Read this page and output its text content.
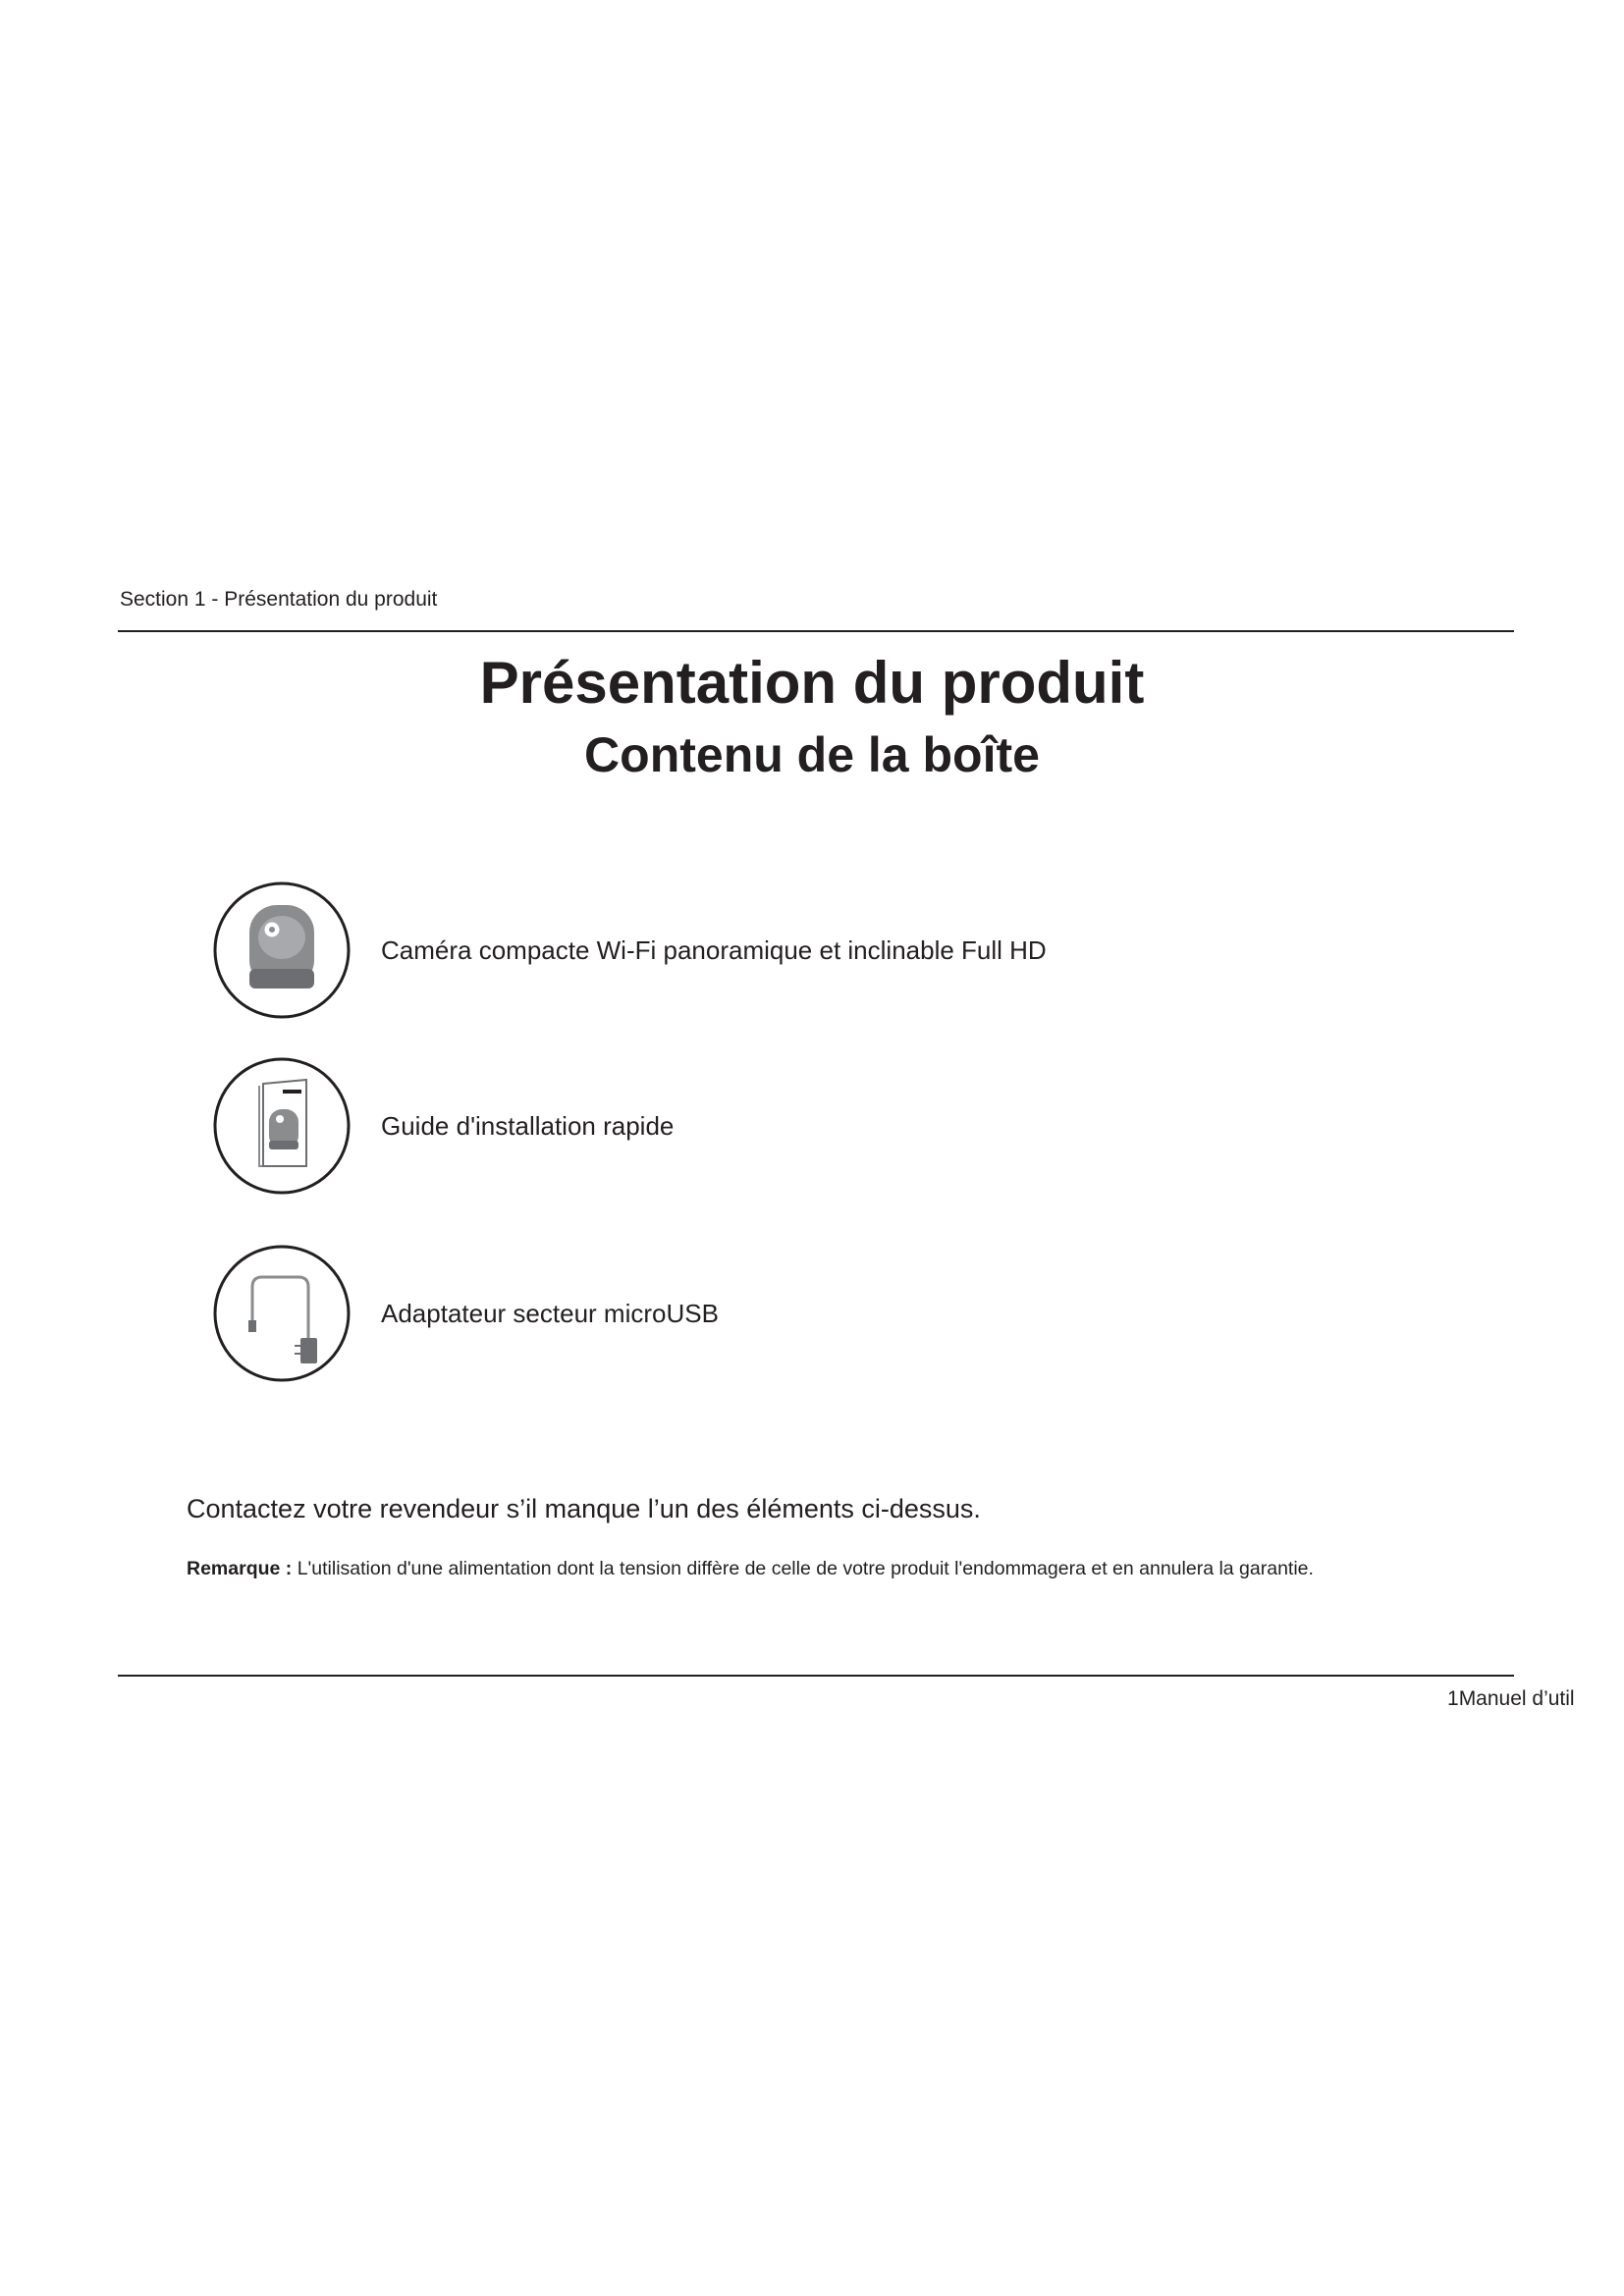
Section 1 - Présentation du produit
Présentation du produit
Contenu de la boîte
Caméra compacte Wi-Fi panoramique et inclinable Full HD
Guide d'installation rapide
Adaptateur secteur microUSB
Contactez votre revendeur s’il manque l’un des éléments ci-dessus.
Remarque : L'utilisation d'une alimentation dont la tension diffère de celle de votre produit l'endommagera et en annulera la garantie.
1Manuel d’util
